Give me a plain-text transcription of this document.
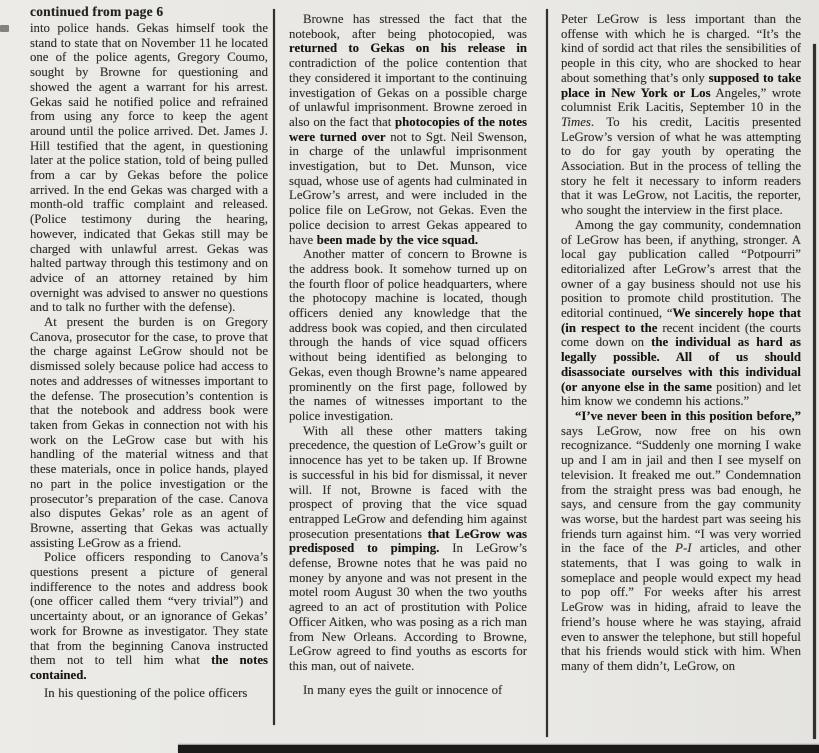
continued from page 6

into police hands. Gekas himself took the stand to state that on November 11 he located one of the police agents, Gregory Coumo, sought by Browne for questioning and showed the agent a warrant for his arrest. Gekas said he notified police and refrained from using any force to keep the agent around until the police arrived. Det. James J. Hill testified that the agent, in questioning later at the police station, told of being pulled from a car by Gekas before the police arrived. In the end Gekas was charged with a month-old traffic complaint and released. (Police testimony during the hearing, however, indicated that Gekas still may be charged with unlawful arrest. Gekas was halted partway through this testimony and on advice of an attorney retained by him overnight was advised to answer no questions and to talk no further with the defense).

At present the burden is on Gregory Canova, prosecutor for the case, to prove that the charge against LeGrow should not be dismissed solely because police had access to notes and addresses of witnesses important to the defense. The prosecution’s contention is that the notebook and address book were taken from Gekas in connection not with his work on the LeGrow case but with his handling of the material witness and that these materials, once in police hands, played no part in the police investigation or the prosecutor’s preparation of the case. Canova also disputes Gekas’ role as an agent of Browne, asserting that Gekas was actually assisting LeGrow as a friend.

Police officers responding to Canova’s questions present a picture of general indifference to the notes and address book (one officer called them “very trivial”) and uncertainty about, or an ignorance of Gekas’ work for Browne as investigator. They state that from the beginning Canova instructed them not to tell him what the notes contained.

In his questioning of the police officers

Browne has stressed the fact that the notebook, after being photocopied, was returned to Gekas on his release in contradiction of the police contention that they considered it important to the continuing investigation of Gekas on a possible charge of unlawful imprisonment. Browne zeroed in also on the fact that photocopies of the notes were turned over not to Sgt. Neil Swenson, in charge of the unlawful imprisonment investigation, but to Det. Munson, vice squad, whose use of agents had culminated in LeGrow’s arrest, and were included in the police file on LeGrow, not Gekas. Even the police decision to arrest Gekas appeared to have been made by the vice squad.

Another matter of concern to Browne is the address book. It somehow turned up on the fourth floor of police headquarters, where the photocopy machine is located, though officers denied any knowledge that the address book was copied, and then circulated through the hands of vice squad officers without being identified as belonging to Gekas, even though Browne’s name appeared prominently on the first page, followed by the names of witnesses important to the police investigation.

With all these other matters taking precedence, the question of LeGrow’s guilt or innocence has yet to be taken up. If Browne is successful in his bid for dismissal, it never will. If not, Browne is faced with the prospect of proving that the vice squad entrapped LeGrow and defending him against prosecution presentations that LeGrow was predisposed to pimping. In LeGrow’s defense, Browne notes that he was paid no money by anyone and was not present in the motel room August 30 when the two youths agreed to an act of prostitution with Police Officer Aitken, who was posing as a rich man from New Orleans. According to Browne, LeGrow agreed to find youths as escorts for this man, out of naivete.

In many eyes the guilt or innocence of

Peter LeGrow is less important than the offense with which he is charged. “It’s the kind of sordid act that riles the sensibilities of people in this city, who are shocked to hear about something that’s only supposed to take place in New York or Los Angeles,” wrote columnist Erik Lacitis, September 10 in the Times. To his credit, Lacitis presented LeGrow’s version of what he was attempting to do for gay youth by operating the Association. But in the process of telling the story he felt it necessary to inform readers that it was LeGrow, not Lacitis, the reporter, who sought the interview in the first place.

Among the gay community, condemnation of LeGrow has been, if anything, stronger. A local gay publication called “Potpourri” editorialized after LeGrow’s arrest that the owner of a gay business should not use his position to promote child prostitution. The editorial continued, “We sincerely hope that (in respect to the recent incident (the courts come down on the individual as hard as legally possible. All of us should disassociate ourselves with this individual (or anyone else in the same position) and let him know we condemn his actions.”

“I’ve never been in this position before,” says LeGrow, now free on his own recognizance. “Suddenly one morning I wake up and I am in jail and then I see myself on television. It freaked me out.” Condemnation from the straight press was bad enough, he says, and censure from the gay community was worse, but the hardest part was seeing his friends turn against him. “I was very worried in the face of the P-I articles, and other statements, that I was going to walk in someplace and people would expect my head to pop off.” For weeks after his arrest LeGrow was in hiding, afraid to leave the friend’s house where he was staying, afraid even to answer the telephone, but still hopeful that his friends would stick with him. When many of them didn’t, LeGrow, on
